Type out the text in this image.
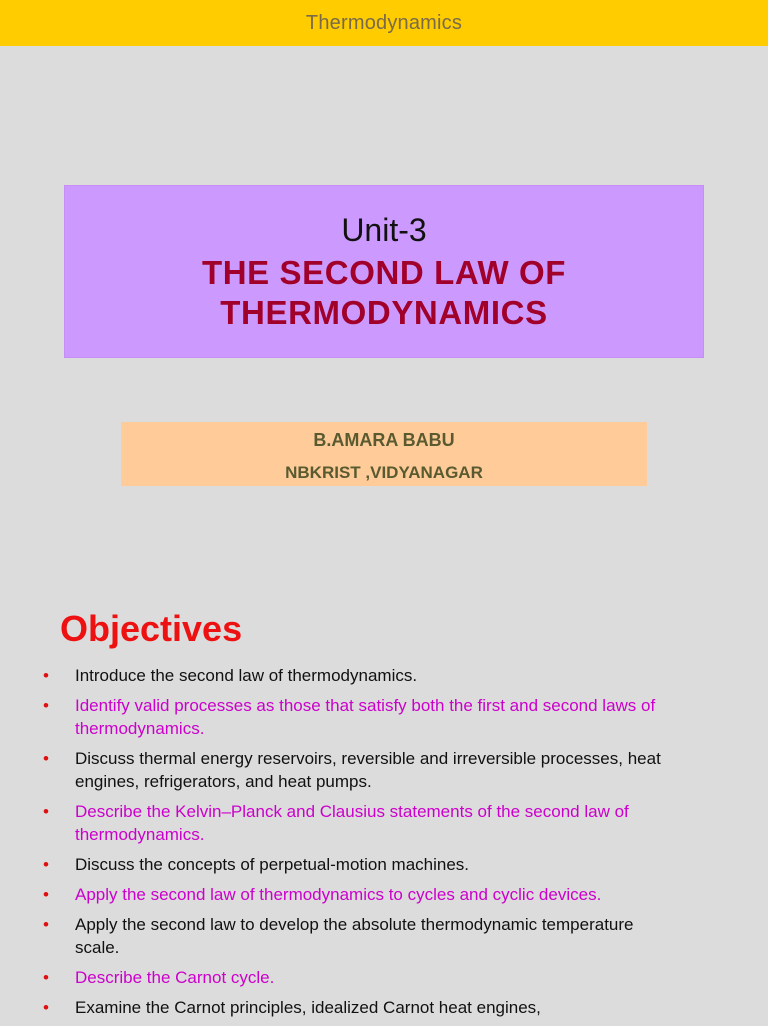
Thermodynamics
Unit-3
THE SECOND LAW OF
THERMODYNAMICS
B.AMARA BABU
NBKRIST ,VIDYANAGAR
Objectives
• Introduce the second law of thermodynamics.
• Identify valid processes as those that satisfy both the first and second laws of thermodynamics.
• Discuss thermal energy reservoirs, reversible and irreversible processes, heat engines, refrigerators, and heat pumps.
• Describe the Kelvin–Planck and Clausius statements of the second law of thermodynamics.
• Discuss the concepts of perpetual-motion machines.
• Apply the second law of thermodynamics to cycles and cyclic devices.
• Apply the second law to develop the absolute thermodynamic temperature scale.
• Describe the Carnot cycle.
• Examine the Carnot principles, idealized Carnot heat engines,
